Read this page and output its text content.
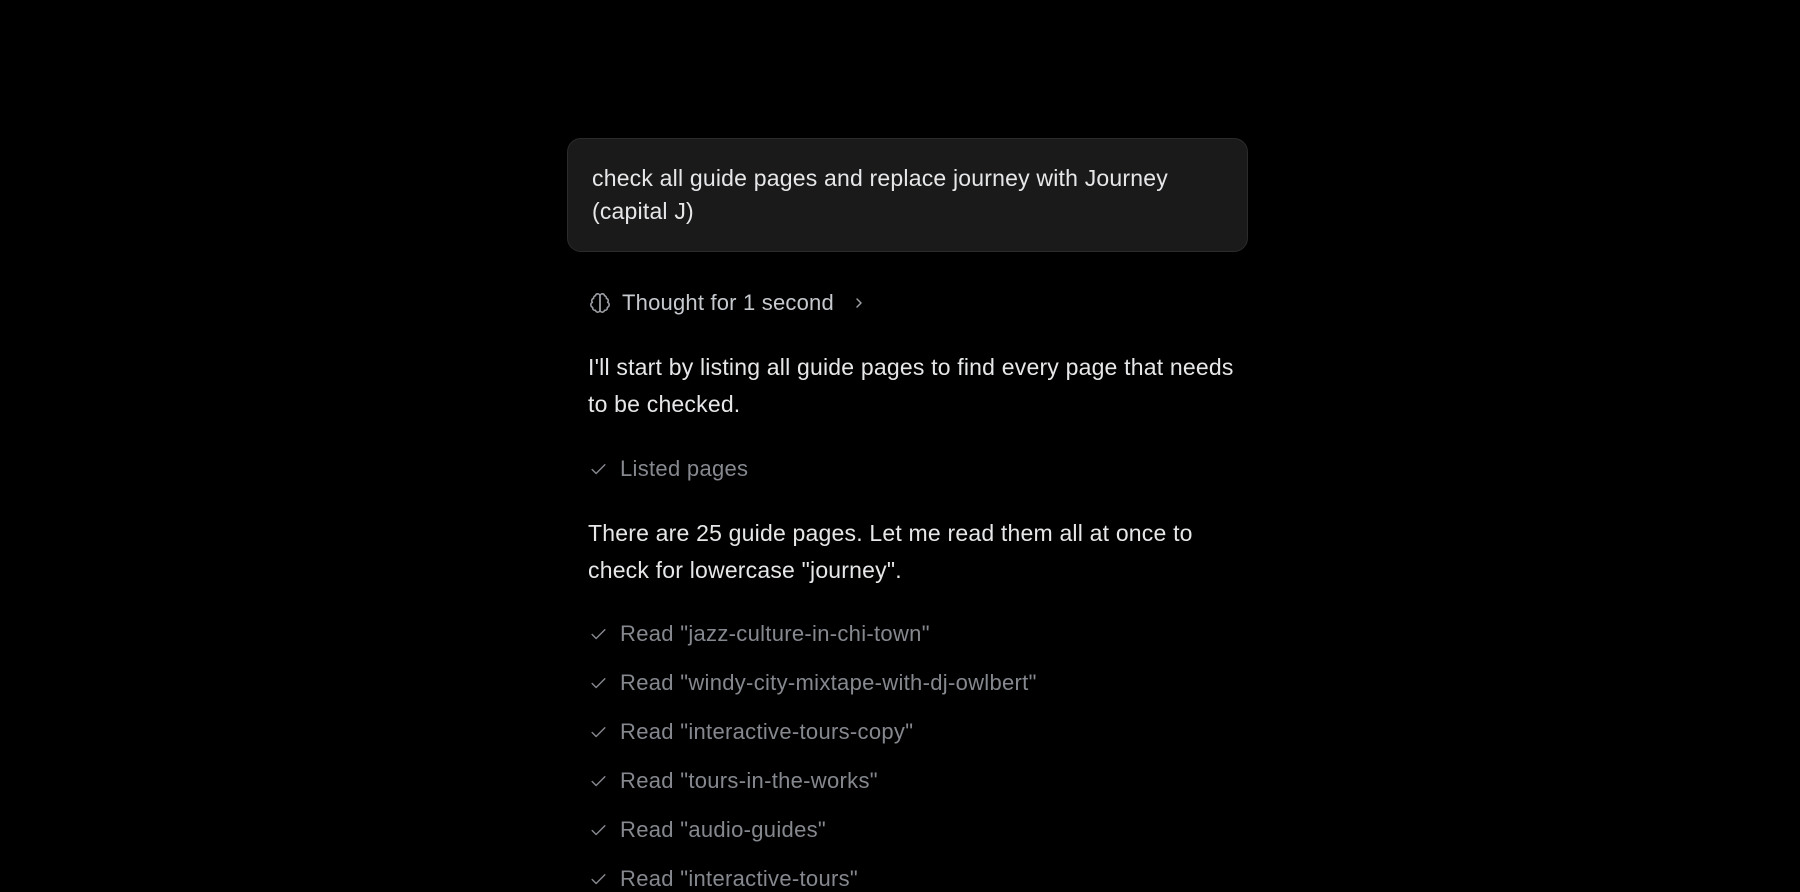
check all guide pages and replace journey with Journey (capital J)
Thought for 1 second
I'll start by listing all guide pages to find every page that needs to be checked.
Listed pages
There are 25 guide pages. Let me read them all at once to check for lowercase "journey".
Read "jazz-culture-in-chi-town"
Read "windy-city-mixtape-with-dj-owlbert"
Read "interactive-tours-copy"
Read "tours-in-the-works"
Read "audio-guides"
Read "interactive-tours"
